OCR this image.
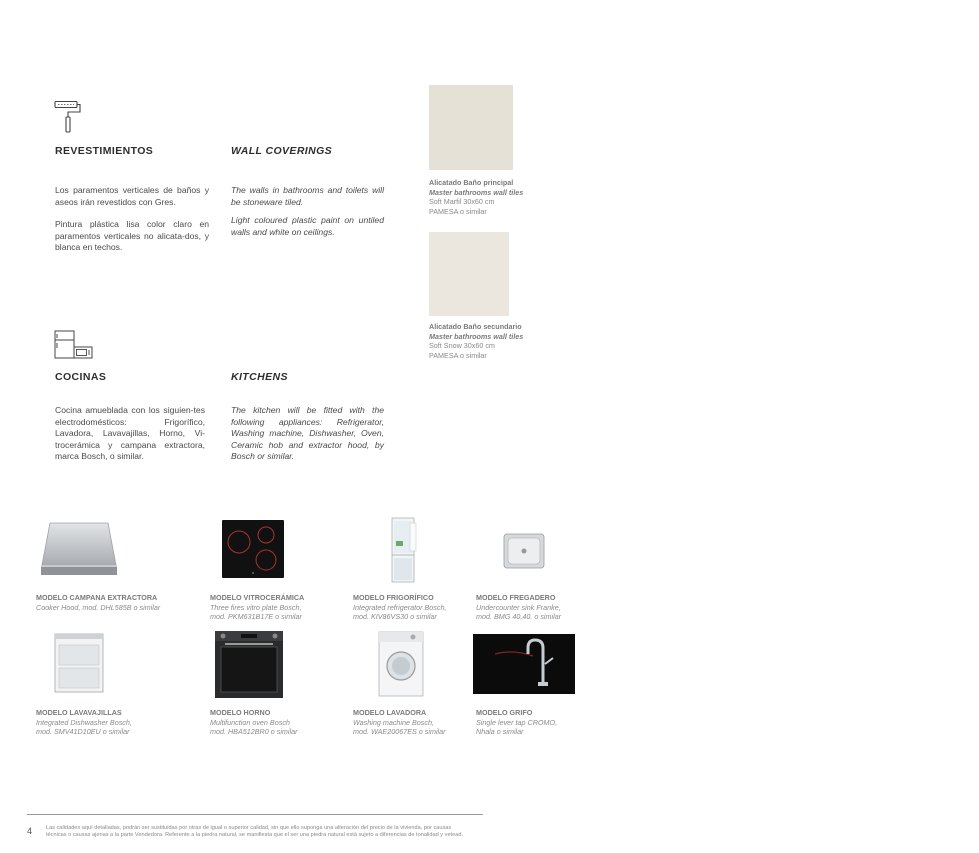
REVESTIMIENTOS	WALL COVERINGS
Los paramentos verticales de baños y aseos irán revestidos con Gres.
Pintura plástica lisa color claro en paramentos verticales no alicata-dos, y blanca en techos.
The walls in bathrooms and toilets will be stoneware tiled.
Light coloured plastic paint on untiled walls and white on ceilings.
Alicatado Baño principal
Master bathrooms wall tiles
Soft Marfil 30x60 cm
PAMESA o similar
Alicatado Baño secundario
Master bathrooms wall tiles
Soft Snow 30x60 cm
PAMESA o similar
COCINAS	KITCHENS
Cocina amueblada con los siguien-tes electrodomésticos: Frigorífico, Lavadora, Lavavajillas, Horno, Vi-trocerámica y campana extractora, marca Bosch, o similar.
The kitchen will be fitted with the following appliances: Refrigerator, Washing machine, Dishwasher, Oven, Ceramic hob and extractor hood, by Bosch or similar.
MODELO CAMPANA EXTRACTORA
Cooker Hood, mod. DHL585B o similar
MODELO VITROCERÁMICA
Three fires vitro plate Bosch,
mod. PKM631B17E o similar
MODELO FRIGORÍFICO
Integrated refrigerator Bosch,
mod. KIV86VS30 o similar
MODELO FREGADERO
Undercounter sink Franke,
mod. BMG 40,40. o similar
MODELO LAVAVAJILLAS
Integrated Dishwasher Bosch,
mod. SMV41D10EU o similar
MODELO HORNO
Multifunction oven Bosch
mod. HBA512BR0 o similar
MODELO LAVADORA
Washing machine Bosch,
mod. WAE20067ES o similar
MODELO GRIFO
Single lever tap CROMO,
Nhala o similar
4 Las calidades aquí detalladas, podrán ser sustituidas por otras de igual o superior calidad, sin que ello suponga una alteración del precio de la vivienda, por causas
técnicas o causas ajenas a la parte Vendedora. Referente a la piedra natural, se manifiesta que el ser una piedra natural está sujeto a diferencias de tonalidad y vetead.
